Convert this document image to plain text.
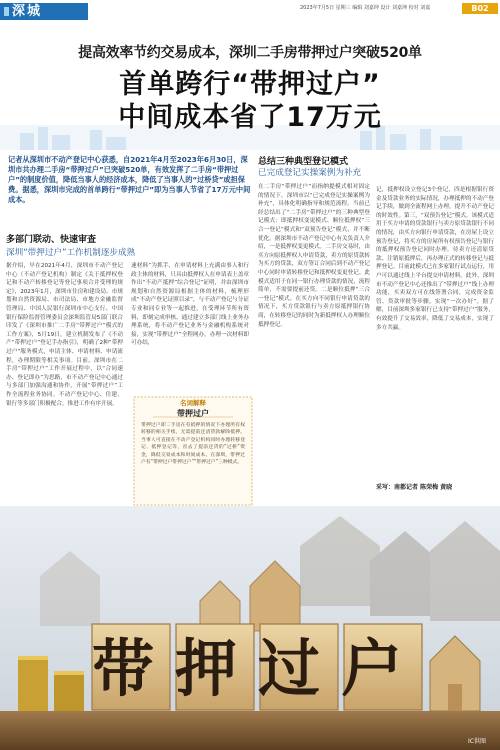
深城	2023年7月5日 星期三 编辑 刘嘉坤 设计 刘嘉坤 校对 刘嘉	B02
提高效率节约交易成本，深圳二手房带押过户突破520单
首单跨行“带押过户”
中间成本省了17万元
记者从深圳市不动产登记中心获悉，自2021年4月至2023年6月30日，深圳市共办理二手房“带押过户”已突破520单，有效发挥了二手房“带押过户”的制度价值，降低当事人的经济成本，降低了当事人的“过桥贷”或担保费。据悉，深圳市完成的首单跨行“带押过户”即为当事人节省了17万元中间成本。
多部门联动、快速审查
深圳“带押过户”工作机制逐步成熟
据介绍，早在2021年4月，深圳市不动产登记中心（不动产登记机构）制定《关于抵押权登记和不动产转移登记等登记事项合并受理的规定》，2023年1月，深圳市住房和建设局、市规划和自然资源局、市司法局、市地方金融监督管理局、中国人民银行深圳市中心支行、中国银行保险监督管理委员会深圳监管局5部门联合印发了《深圳市推广二手房“带押过户”模式的工作方案》，5月19日，建立机制发布了《不动产“带押过户”登记手办指引》，明确了2种“带押过户”服务模式，申请主体、申请材料、申请流程，办理期限等相关事项。目前，深圳市在二手房“带押过户”工作开展过程中，以“合同速办、登记即办”为思路，市不动产登记中心通过与多部门加强沟通和协作，开展“带押过户”工作全流程业务协同。不动产登记中心、住建、银行等多部门积极配合，推进工作有序开展。
速材料”为抓手，在申请材料上充满由事人和行政主体的材料，只具由抵押权人在申请表上盖章作出“不动产抵押”综合登记”证明，并由深圳市规划和自然资源局根据主体的材料，梳理形成“不动产登记证照目录”，与不动产登记与分证专业和同专业等一起推进，在受理环节所有资料，即刻完成审核。通过建立多部门线上业务办理系统，将不动产登记业务与金融机构系统对接，实现“带押过户”全程网办，办理一次材料即可办结，
名词解释
带押过户
带押过户即二手房在有抵押的情况下办理所有权转移的相关手续，无需提前还清贷款解除抵押。当事人可直接在不动产登记机构同时办理转移登记、抵押登记等，省去了提前还贷的“过桥”资金，降低交易成本和时间成本。在深圳，带押过户有“带押过户带押过户”“带押过户”三种模式。
总结三种典型登记模式
已完成登记实操案例为补充
在二手房“带押过户”而指纳提模式相对固定的情况下，深圳市以“已完成登记实操案例为补充”，具体化明确指导和规范流程。当前已经总结出了“二手房“带押过户”的三种典型登记模式：即抵押权变更模式、顺位抵押权“三合一登记”模式和“双预告登记”模式，并不断优化。据深圳市不动产登记中心有关负责人介绍，一是抵押权变更模式。二手房交易时，由买方向原抵押权人申请贷款，卖方的原贷款转为买方的贷款，双方签订合同后到不动产登记中心同时申请转移登记和抵押权变更登记。此模式适用于在同一银行办理贷款的情况，流程简单，不需要提前还贷。二是顺位抵押“三合一登记”模式。在买方向不同银行申请贷款的情况下，买方贷款银行与卖方原抵押银行协商，在转移登记的同时为新抵押权人办理顺位抵押登记。
记，抵押权设立登记3个登记，四是根据银行资金及贷款业务的实际情况，办理抵押的不动产登记手续，做到全流程网上办理，提升不动产登记的时效性。第三，“双预告登记”模式。该模式适用于买方申请的贷款银行与卖方原贷款银行不同的情况，由买方向银行申请贷款，在房屋上设立预告登记，将买方的房屋所有权预告登记与银行的抵押权预告登记同时办理。待卖方还清原贷款、注销原抵押后，再办理正式的转移登记与抵押登记。目前此模式已在多家银行试点运行，用户可以通过线上平台提交申请材料。此外，深圳市不动产登记中心还推出了“带押过户”线上办理功能，买卖双方可在线签署合同，完成资金监管、贷款审批等步骤，实现“一次办好”。据了解，目前深圳多家银行已支持“带押过户”服务，有效提升了交易效率，降低了交易成本，实现了多方共赢。
采写：南都记者 陈荣梅 黄晓
带押过户
IC供图
